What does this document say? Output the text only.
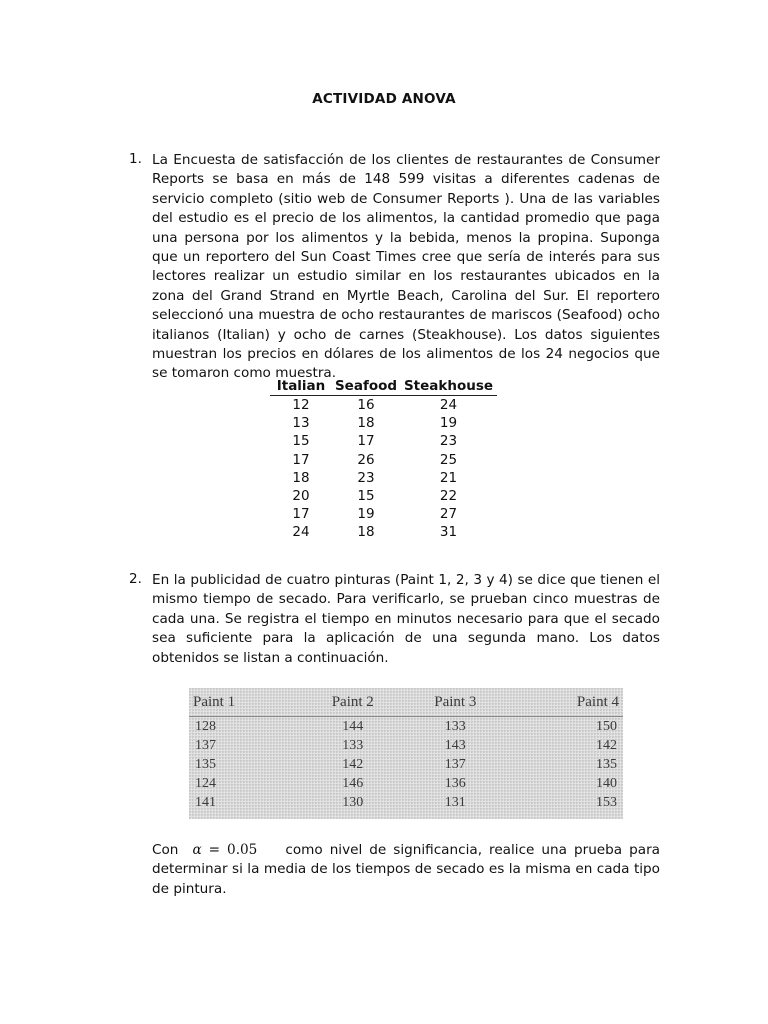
ACTIVIDAD ANOVA
1. La Encuesta de satisfacción de los clientes de restaurantes de Consumer Reports se basa en más de 148 599 visitas a diferentes cadenas de servicio completo (sitio web de Consumer Reports ). Una de las variables del estudio es el precio de los alimentos, la cantidad promedio que paga una persona por los alimentos y la bebida, menos la propina. Suponga que un reportero del Sun Coast Times cree que sería de interés para sus lectores realizar un estudio similar en los restaurantes ubicados en la zona del Grand Strand en Myrtle Beach, Carolina del Sur. El reportero seleccionó una muestra de ocho restaurantes de mariscos (Seafood) ocho italianos (Italian) y ocho de carnes (Steakhouse). Los datos siguientes muestran los precios en dólares de los alimentos de los 24 negocios que se tomaron como muestra.
Italian	Seafood	Steakhouse
12	16	24
13	18	19
15	17	23
17	26	25
18	23	21
20	15	22
17	19	27
24	18	31
2. En la publicidad de cuatro pinturas (Paint 1, 2, 3 y 4) se dice que tienen el mismo tiempo de secado. Para verificarlo, se prueban cinco muestras de cada una. Se registra el tiempo en minutos necesario para que el secado sea suficiente para la aplicación de una segunda mano. Los datos obtenidos se listan a continuación.
Paint 1	Paint 2	Paint 3	Paint 4
128	144	133	150
137	133	143	142
135	142	137	135
124	146	136	140
141	130	131	153
Con α = 0.05 como nivel de significancia, realice una prueba para determinar si la media de los tiempos de secado es la misma en cada tipo de pintura.
